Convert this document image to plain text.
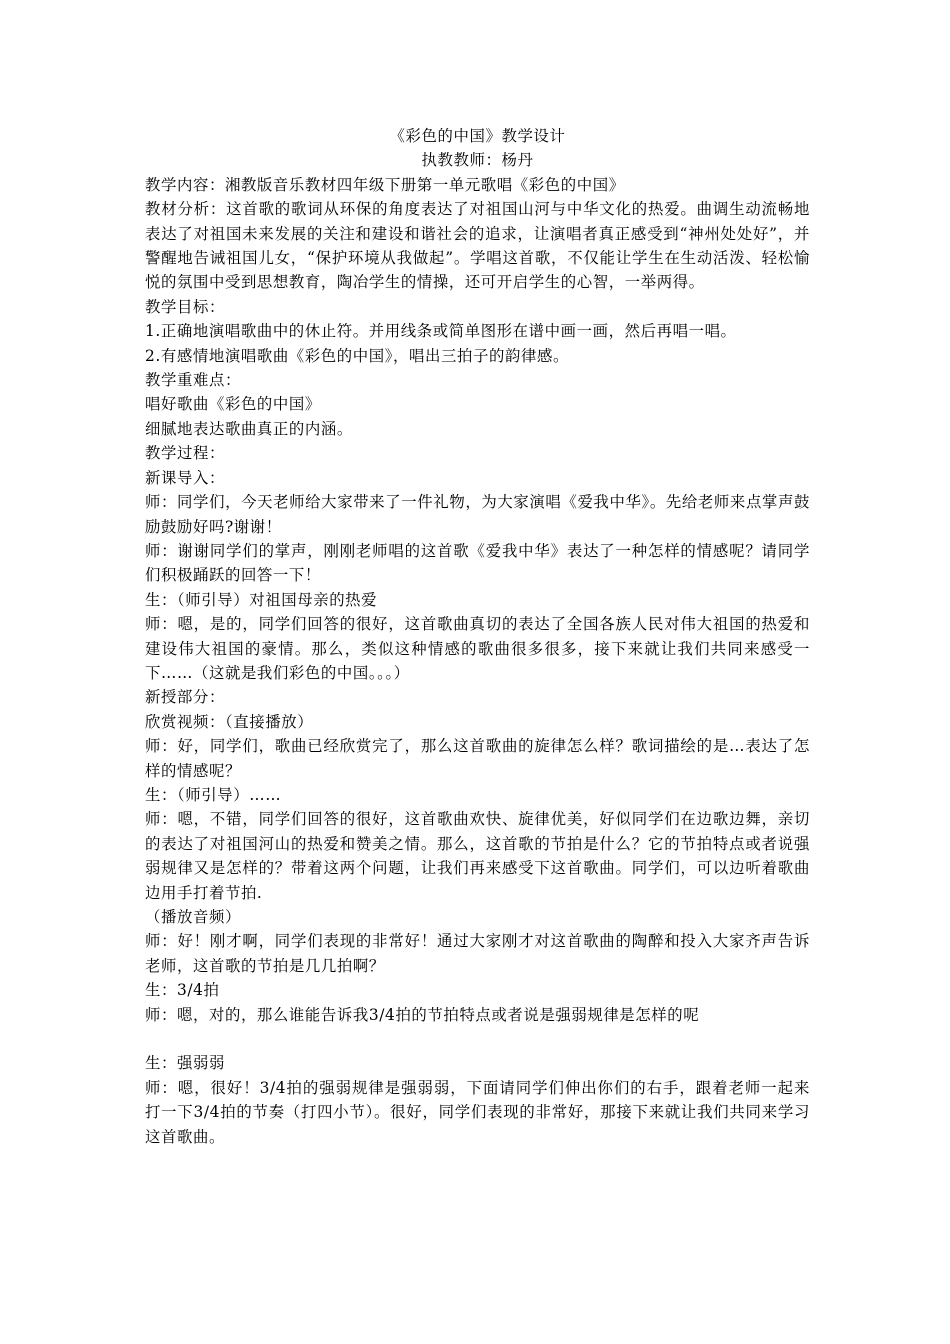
《彩色的中国》教学设计
执教教师：杨丹

教学内容：湘教版音乐教材四年级下册第一单元歌唱《彩色的中国》

教材分析：这首歌的歌词从环保的角度表达了对祖国山河与中华文化的热爱。曲调生动流畅地表达了对祖国未来发展的关注和建设和谐社会的追求，让演唱者真正感受到“神州处处好”，并警醒地告诫祖国儿女，“保护环境从我做起”。学唱这首歌，不仅能让学生在生动活泼、轻松愉悦的氛围中受到思想教育，陶冶学生的情操，还可开启学生的心智，一举两得。

教学目标：

1.正确地演唱歌曲中的休止符。并用线条或简单图形在谱中画一画，然后再唱一唱。

2.有感情地演唱歌曲《彩色的中国》，唱出三拍子的韵律感。

教学重难点：

唱好歌曲《彩色的中国》

细腻地表达歌曲真正的内涵。

教学过程：

新课导入：

师：同学们，今天老师给大家带来了一件礼物，为大家演唱《爱我中华》。先给老师来点掌声鼓励鼓励好吗?谢谢！

师：谢谢同学们的掌声，刚刚老师唱的这首歌《爱我中华》表达了一种怎样的情感呢？请同学们积极踊跃的回答一下！

生：（师引导）对祖国母亲的热爱

师：嗯，是的，同学们回答的很好，这首歌曲真切的表达了全国各族人民对伟大祖国的热爱和建设伟大祖国的豪情。那么，类似这种情感的歌曲很多很多，接下来就让我们共同来感受一下……（这就是我们彩色的中国。。。）

新授部分：

欣赏视频：（直接播放）

师：好，同学们，歌曲已经欣赏完了，那么这首歌曲的旋律怎么样？歌词描绘的是…表达了怎样的情感呢？

生：（师引导）……

师：嗯，不错，同学们回答的很好，这首歌曲欢快、旋律优美，好似同学们在边歌边舞，亲切的表达了对祖国河山的热爱和赞美之情。那么，这首歌的节拍是什么？它的节拍特点或者说强弱规律又是怎样的？带着这两个问题，让我们再来感受下这首歌曲。同学们，可以边听着歌曲边用手打着节拍.

（播放音频）

师：好！刚才啊，同学们表现的非常好！通过大家刚才对这首歌曲的陶醉和投入大家齐声告诉老师，这首歌的节拍是几几拍啊？

生：3/4拍

师：嗯，对的，那么谁能告诉我3/4拍的节拍特点或者说是强弱规律是怎样的呢

生：强弱弱

师：嗯，很好！3/4拍的强弱规律是强弱弱，下面请同学们伸出你们的右手，跟着老师一起来打一下3/4拍的节奏（打四小节）。很好，同学们表现的非常好，那接下来就让我们共同来学习这首歌曲。
